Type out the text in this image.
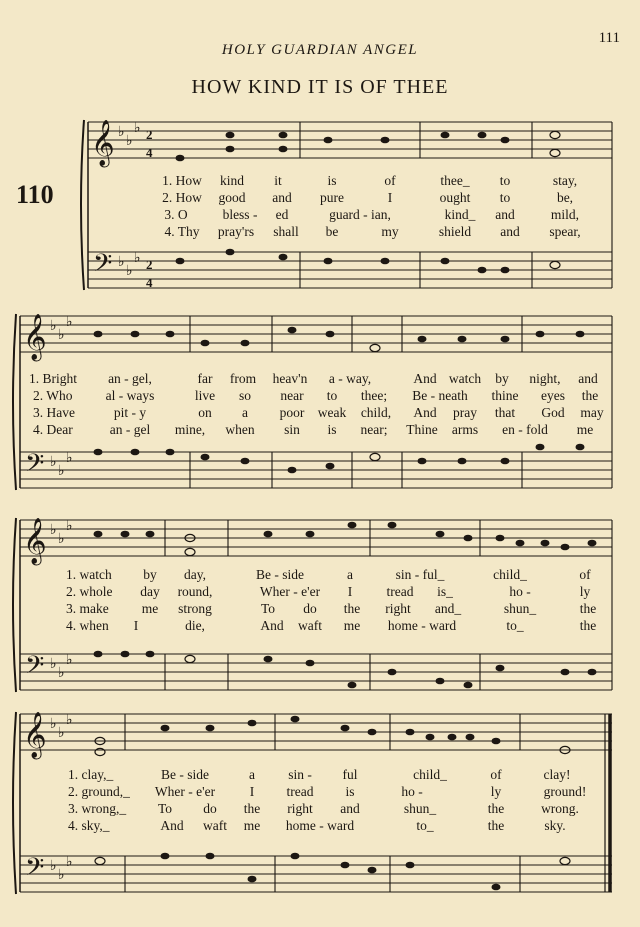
HOLY GUARDIAN ANGEL
111
HOW KIND IT IS OF THEE
110
𝄞
𝄢
♭
♭
♭
♭
♭
♭
2
4
2
4
1. How kind it	is	of	thee_ to	stay,
2. How good and pure	I	ought to	be,
3. O	bless - ed	guard - ian,	kind_ and	mild,
4. Thy pray'rs shall be	my	shield and spear,
𝄞
𝄢
♭
♭
♭
♭
♭
♭
1. Bright an - gel,	far from heav'n a - way,	And watch by night, and
2. Who al - ways	live so near to thee; Be - neath thine eyes the
3. Have	pit - y	on a poor weak child, And pray that God may
4. Dear	an - gel mine, when sin is near; Thine arms en - fold me
𝄞
𝄢
♭
♭
♭
♭
♭
♭
1. watch by day,	Be - side	a	sin - ful_	child_	of
2. whole day round,	Wher - e'er I	tread is_	ho -	ly
3. make me strong	To do the right and_	shun_	the
4. when I	die,	And waft me home - ward	to_	the
𝄞
𝄢
♭
♭
♭
♭
♭
♭
1. clay,_	Be - side	a sin - ful	child_	of	clay!
2. ground,_ Wher - e'er	I tread is	ho -	ly	ground!
3. wrong,_ To do the right and	shun_	the	wrong.
4. sky,_	And waft me home - ward	to_	the	sky.
